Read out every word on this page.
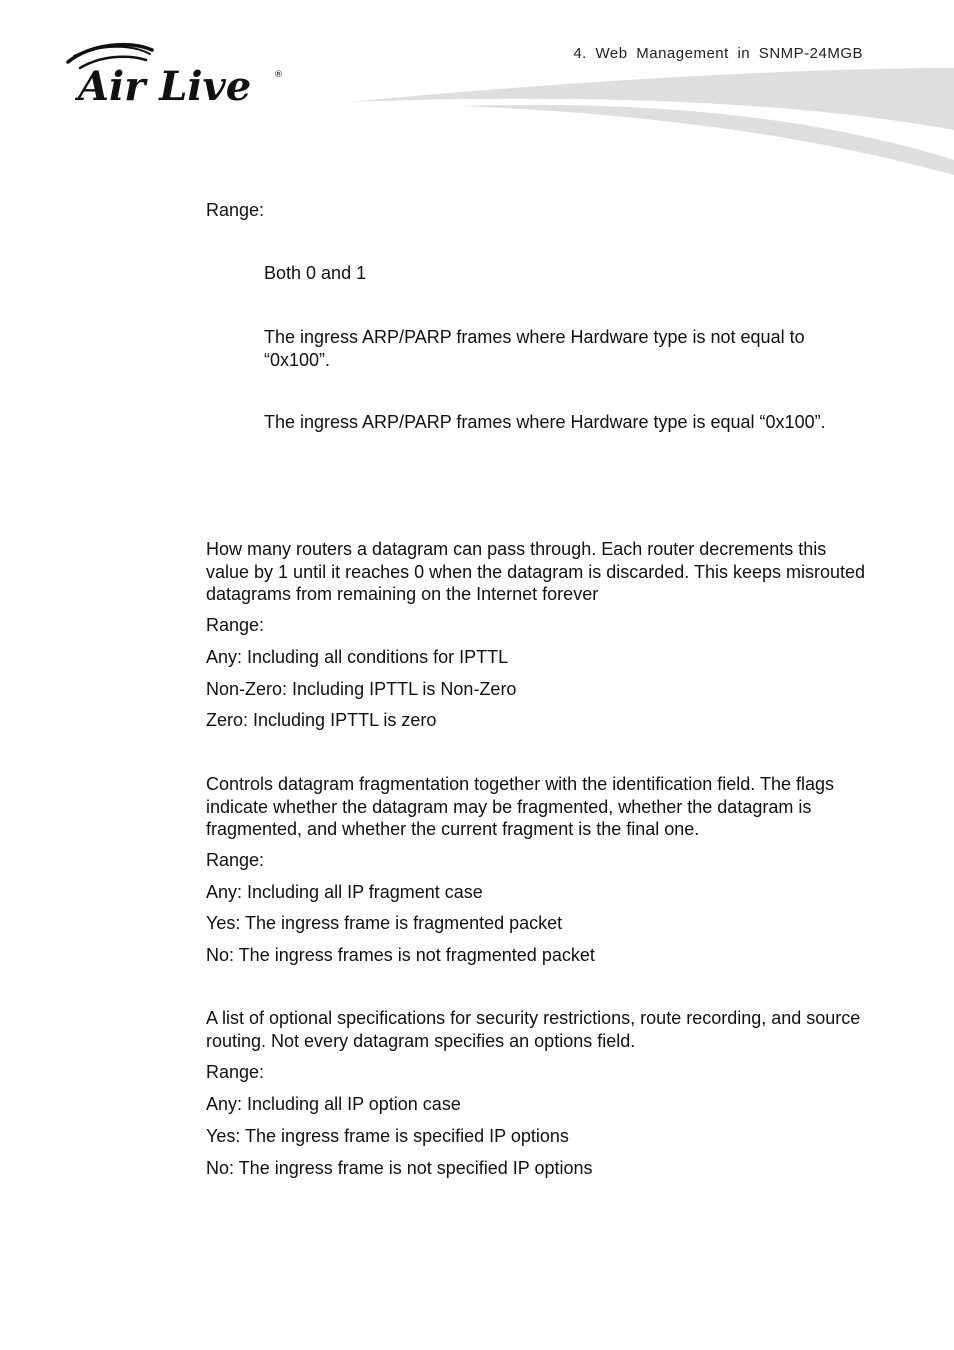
4. Web Management in SNMP-24MGB
Air Live	®

Range:

Both 0 and 1

The ingress ARP/PARP frames where Hardware type is not equal to “0x100”.

The ingress ARP/PARP frames where Hardware type is equal “0x100”.

How many routers a datagram can pass through. Each router decrements this value by 1 until it reaches 0 when the datagram is discarded. This keeps misrouted datagrams from remaining on the Internet forever

Range:

Any: Including all conditions for IPTTL

Non-Zero: Including IPTTL is Non-Zero

Zero: Including IPTTL is zero

Controls datagram fragmentation together with the identification field. The flags indicate whether the datagram may be fragmented, whether the datagram is fragmented, and whether the current fragment is the final one.

Range:

Any: Including all IP fragment case

Yes: The ingress frame is fragmented packet

No: The ingress frames is not fragmented packet

A list of optional specifications for security restrictions, route recording, and source routing. Not every datagram specifies an options field.

Range:

Any: Including all IP option case

Yes: The ingress frame is specified IP options

No: The ingress frame is not specified IP options
